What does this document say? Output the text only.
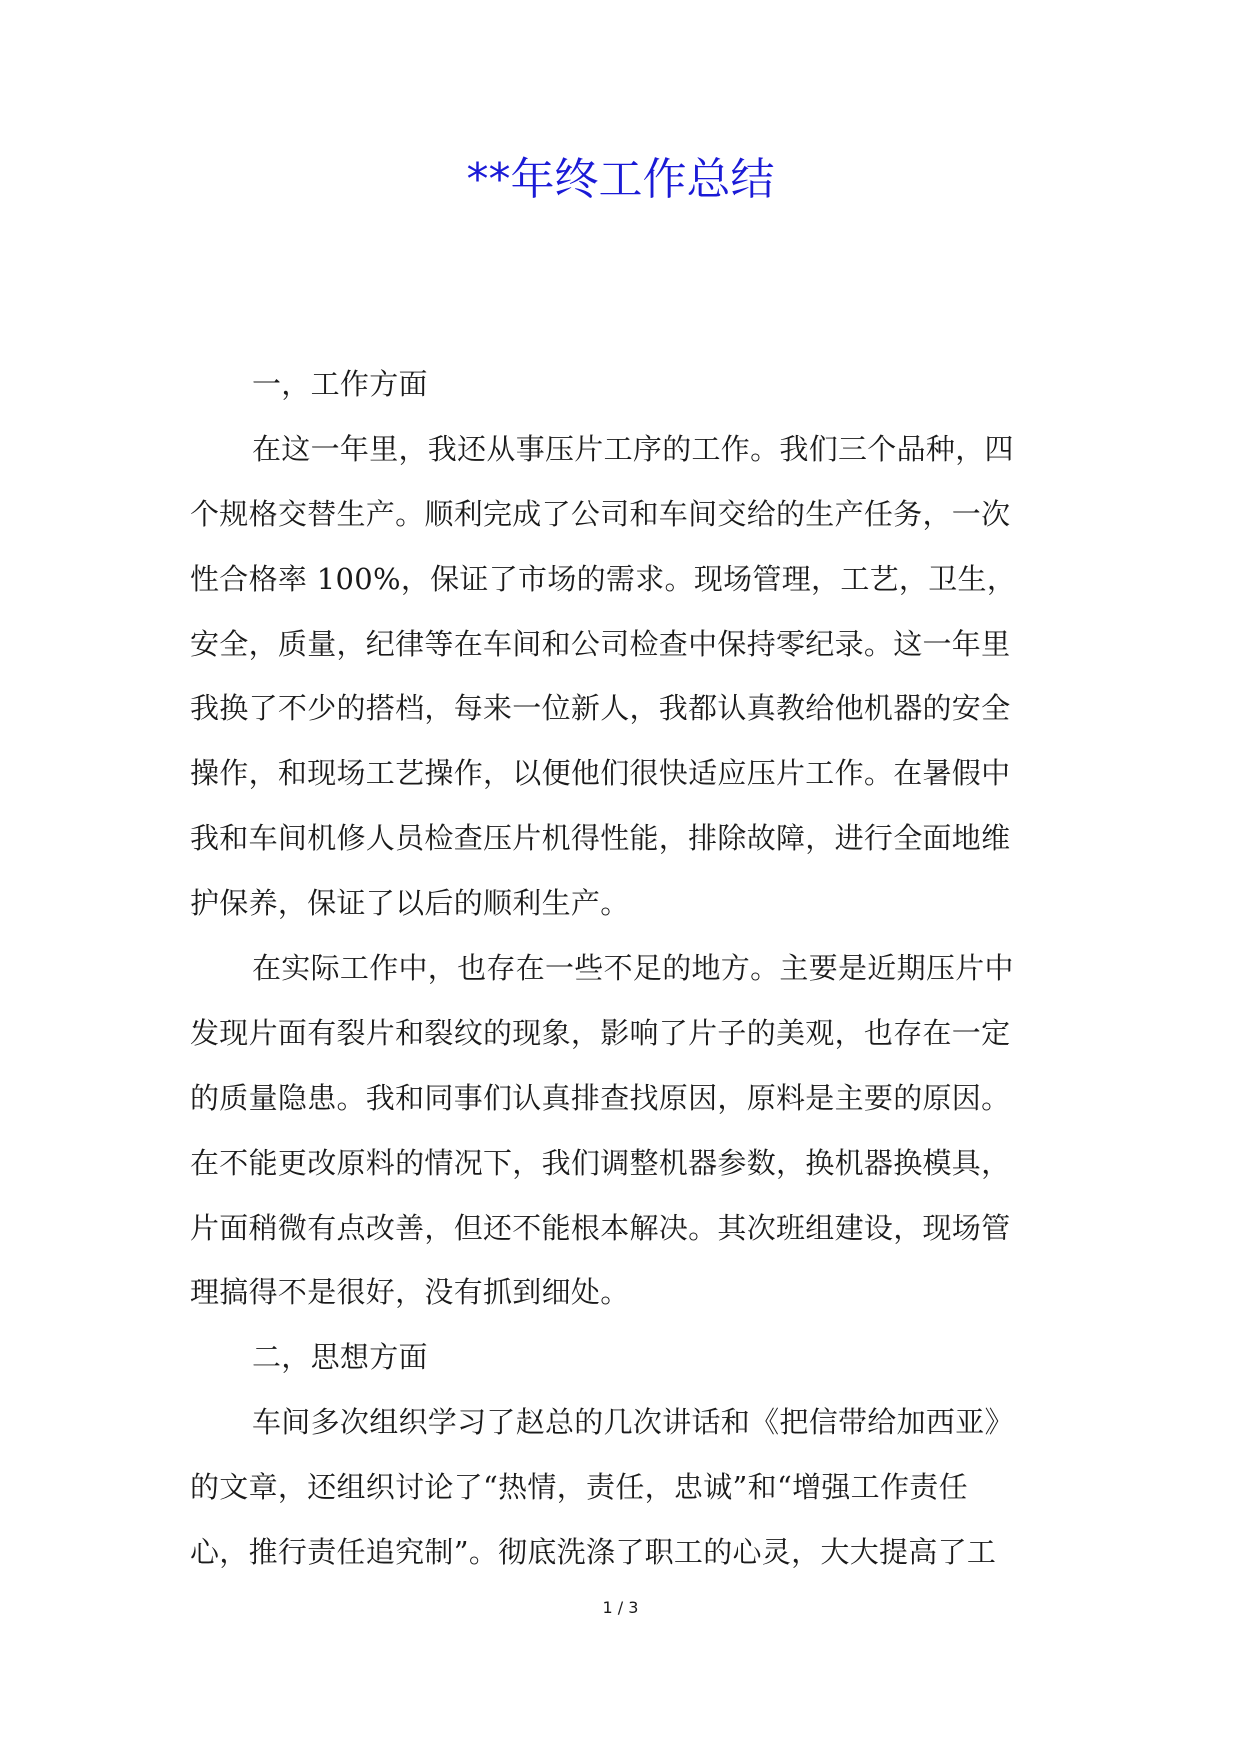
**年终工作总结
一，工作方面
在这一年里，我还从事压片工序的工作。我们三个品种，四
个规格交替生产。顺利完成了公司和车间交给的生产任务，一次
性合格率 100%，保证了市场的需求。现场管理，工艺，卫生，
安全，质量，纪律等在车间和公司检查中保持零纪录。这一年里
我换了不少的搭档，每来一位新人，我都认真教给他机器的安全
操作，和现场工艺操作，以便他们很快适应压片工作。在暑假中
我和车间机修人员检查压片机得性能，排除故障，进行全面地维
护保养，保证了以后的顺利生产。
在实际工作中，也存在一些不足的地方。主要是近期压片中
发现片面有裂片和裂纹的现象，影响了片子的美观，也存在一定
的质量隐患。我和同事们认真排查找原因，原料是主要的原因。
在不能更改原料的情况下，我们调整机器参数，换机器换模具，
片面稍微有点改善，但还不能根本解决。其次班组建设，现场管
理搞得不是很好，没有抓到细处。
二，思想方面
车间多次组织学习了赵总的几次讲话和《把信带给加西亚》
的文章，还组织讨论了“热情，责任，忠诚”和“增强工作责任
心，推行责任追究制”。彻底洗涤了职工的心灵，大大提高了工
1 / 3
